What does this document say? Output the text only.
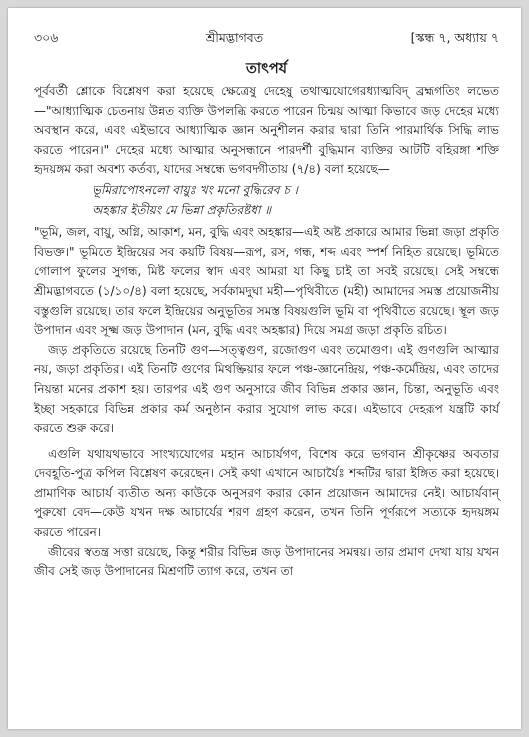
৩০৬	শ্রীমদ্ভাগবত	[স্কন্ধ ৭, অধ্যায় ৭
তাৎপর্য

পূর্ববর্তী শ্লোকে বিশ্লেষণ করা হয়েছে ক্ষেত্রেষু দেহেষু তথাত্মযোগেরধ্যাত্মবিদ্ ব্রহ্মগতিং লভেত—"আধ্যাত্মিক চেতনায় উন্নত ব্যক্তি উপলব্ধি করতে পারেন চিন্ময় আত্মা কিভাবে জড় দেহের মধ্যে অবস্থান করে, এবং এইভাবে আধ্যাত্মিক জ্ঞান অনুশীলন করার দ্বারা তিনি পারমার্থিক সিদ্ধি লাভ করতে পারেন।" দেহের মধ্যে আত্মার অনুসন্ধানে পারদর্শী বুদ্ধিমান ব্যক্তির আটটি বহিরঙ্গা শক্তি হৃদয়ঙ্গম করা অবশ্য কর্তব্য, যাদের সম্বন্ধে ভগবদ্গীতায় (৭/৪) বলা হয়েছে—

ভূমিরাপোঽনলো বায়ুঃ খং মনো বুদ্ধিরেব চ ।
অহঙ্কার ইতীয়ং মে ভিন্না প্রকৃতিরষ্টধা ॥

"ভূমি, জল, বায়ু, অগ্নি, আকাশ, মন, বুদ্ধি এবং অহঙ্কার—এই অষ্ট প্রকারে আমার ভিন্না জড়া প্রকৃতি বিভক্ত।" ভূমিতে ইন্দ্রিয়ের সব কয়টি বিষয়—রূপ, রস, গন্ধ, শব্দ এবং স্পর্শ নিহিত রয়েছে। ভূমিতে গোলাপ ফুলের সুগন্ধ, মিষ্ট ফলের স্বাদ এবং আমরা যা কিছু চাই তা সবই রয়েছে। সেই সম্বন্ধে শ্রীমদ্ভাগবতে (১/১০/৪) বলা হয়েছে, সর্বকামদুঘা মহী—পৃথিবীতে (মহী) আমাদের সমস্ত প্রয়োজনীয় বস্তুগুলি রয়েছে। তার ফলে ইন্দ্রিয়ের অনুভূতির সমস্ত বিষয়গুলি ভূমি বা পৃথিবীতে রয়েছে। স্থূল জড় উপাদান এবং সূক্ষ্ম জড় উপাদান (মন, বুদ্ধি এবং অহঙ্কার) দিয়ে সমগ্র জড়া প্রকৃতি রচিত।

জড় প্রকৃতিতে রয়েছে তিনটি গুণ—সত্ত্বগুণ, রজোগুণ এবং তমোগুণ। এই গুণগুলি আত্মার নয়, জড়া প্রকৃতির। এই তিনটি গুণের মিথষ্ক্রিয়ার ফলে পঞ্চ-জ্ঞানেন্দ্রিয়, পঞ্চ-কর্মেন্দ্রিয়, এবং তাদের নিয়ন্তা মনের প্রকাশ হয়। তারপর এই গুণ অনুসারে জীব বিভিন্ন প্রকার জ্ঞান, চিন্তা, অনুভূতি এবং ইচ্ছা সহকারে বিভিন্ন প্রকার কর্ম অনুষ্ঠান করার সুযোগ লাভ করে। এইভাবে দেহরূপ যন্ত্রটি কার্য করতে শুরু করে।

এগুলি যথাযথভাবে সাংখ্যযোগের মহান আচার্যগণ, বিশেষ করে ভগবান শ্রীকৃষ্ণের অবতার দেবহূতি-পুত্র কপিল বিশ্লেষণ করেছেন। সেই কথা এখানে আচার্যৈঃ শব্দটির দ্বারা ইঙ্গিত করা হয়েছে। প্রামাণিক আচার্য ব্যতীত অন্য কাউকে অনুসরণ করার কোন প্রয়োজন আমাদের নেই। আচার্যবান্ পুরুষো বেদ—কেউ যখন দক্ষ আচার্যের শরণ গ্রহণ করেন, তখন তিনি পূর্ণরূপে সত্যকে হৃদয়ঙ্গম করতে পারেন।

জীবের স্বতন্ত্র সত্তা রয়েছে, কিন্তু শরীর বিভিন্ন জড় উপাদানের সমন্বয়। তার প্রমাণ দেখা যায় যখন জীব সেই জড় উপাদানের মিশ্রণটি ত্যাগ করে, তখন তা
